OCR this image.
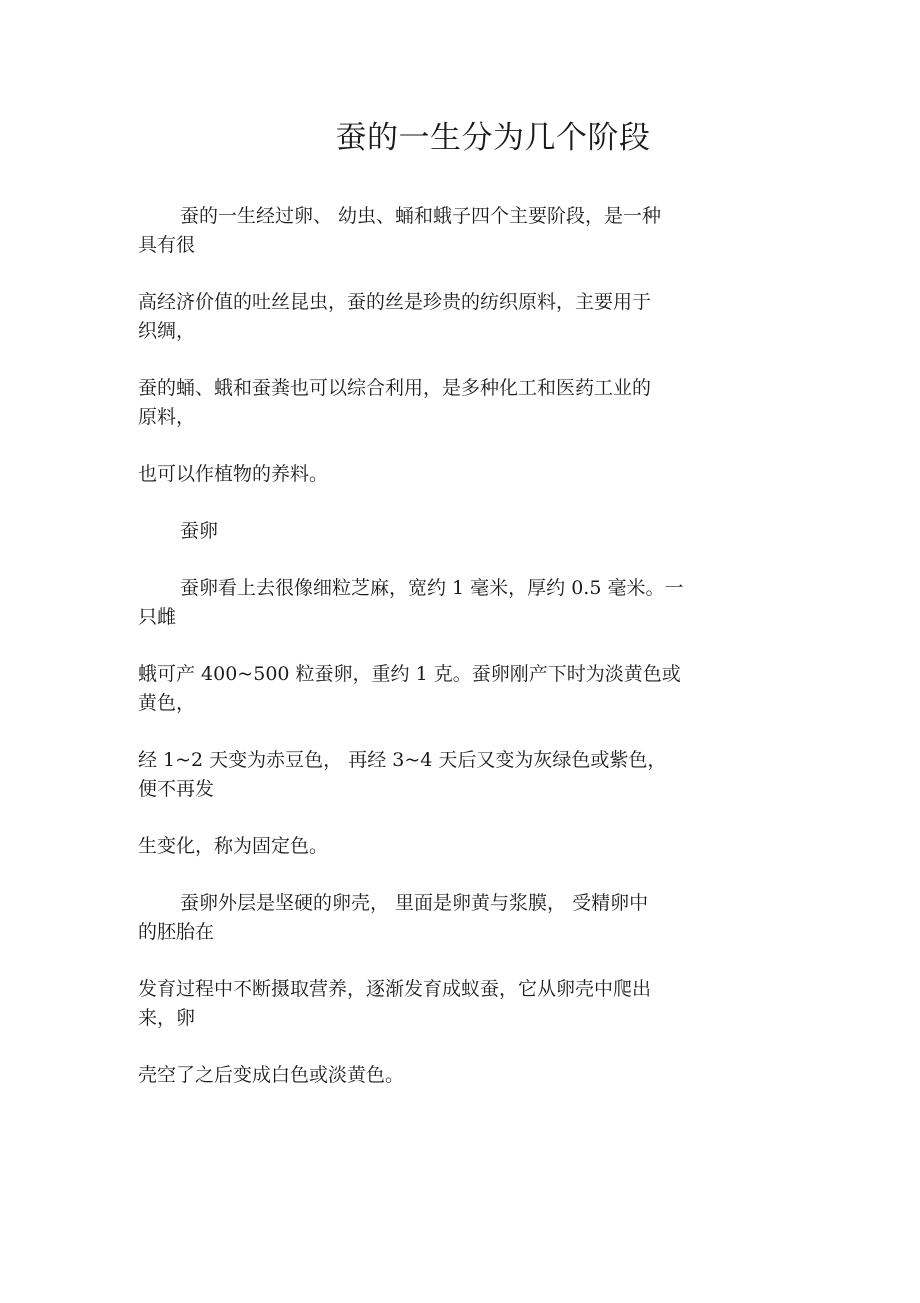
蚕的一生分为几个阶段
蚕的一生经过卵、 幼虫、蛹和蛾子四个主要阶段，是一种
具有很
高经济价值的吐丝昆虫，蚕的丝是珍贵的纺织原料，主要用于
织绸，
蚕的蛹、蛾和蚕粪也可以综合利用，是多种化工和医药工业的
原料，
也可以作植物的养料。
蚕卵
蚕卵看上去很像细粒芝麻，宽约 1 毫米，厚约 0.5 毫米。一
只雌
蛾可产 400~500 粒蚕卵，重约 1 克。蚕卵刚产下时为淡黄色或
黄色，
经 1~2 天变为赤豆色， 再经 3~4 天后又变为灰绿色或紫色，
便不再发
生变化，称为固定色。
蚕卵外层是坚硬的卵壳， 里面是卵黄与浆膜， 受精卵中
的胚胎在
发育过程中不断摄取营养，逐渐发育成蚁蚕，它从卵壳中爬出
来，卵
壳空了之后变成白色或淡黄色。
